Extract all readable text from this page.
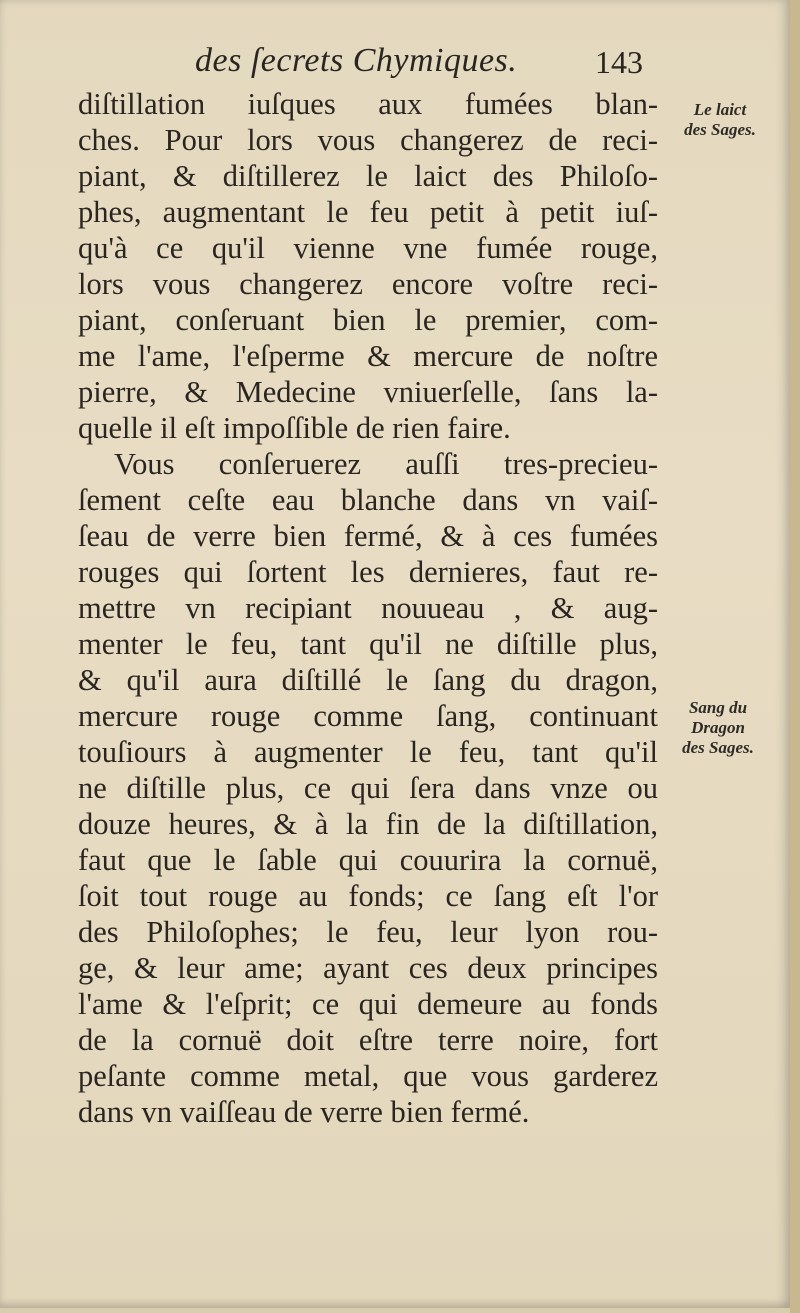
des ſecrets Chymiques. 143
Le laict
des Sages.
Sang du
Dragon
des Sages.
diſtillation iuſques aux fumées blan-
ches. Pour lors vous changerez de reci-
piant, & diſtillerez le laict des Philoſo-
phes, augmentant le feu petit à petit iuſ-
qu'à ce qu'il vienne vne fumée rouge,
lors vous changerez encore voſtre reci-
piant, conſeruant bien le premier, com-
me l'ame, l'eſperme & mercure de noſtre
pierre, & Medecine vniuerſelle, ſans la-
quelle il eſt impoſſible de rien faire.
Vous conſeruerez auſſi tres-precieu-
ſement ceſte eau blanche dans vn vaiſ-
ſeau de verre bien fermé, & à ces fumées
rouges qui ſortent les dernieres, faut re-
mettre vn recipiant nouueau , & aug-
menter le feu, tant qu'il ne diſtille plus,
& qu'il aura diſtillé le ſang du dragon,
mercure rouge comme ſang, continuant
touſiours à augmenter le feu, tant qu'il
ne diſtille plus, ce qui ſera dans vnze ou
douze heures, & à la fin de la diſtillation,
faut que le ſable qui couurira la cornuë,
ſoit tout rouge au fonds; ce ſang eſt l'or
des Philoſophes; le feu, leur lyon rou-
ge, & leur ame; ayant ces deux principes
l'ame & l'eſprit; ce qui demeure au fonds
de la cornuë doit eſtre terre noire, fort
peſante comme metal, que vous garderez
dans vn vaiſſeau de verre bien fermé.
